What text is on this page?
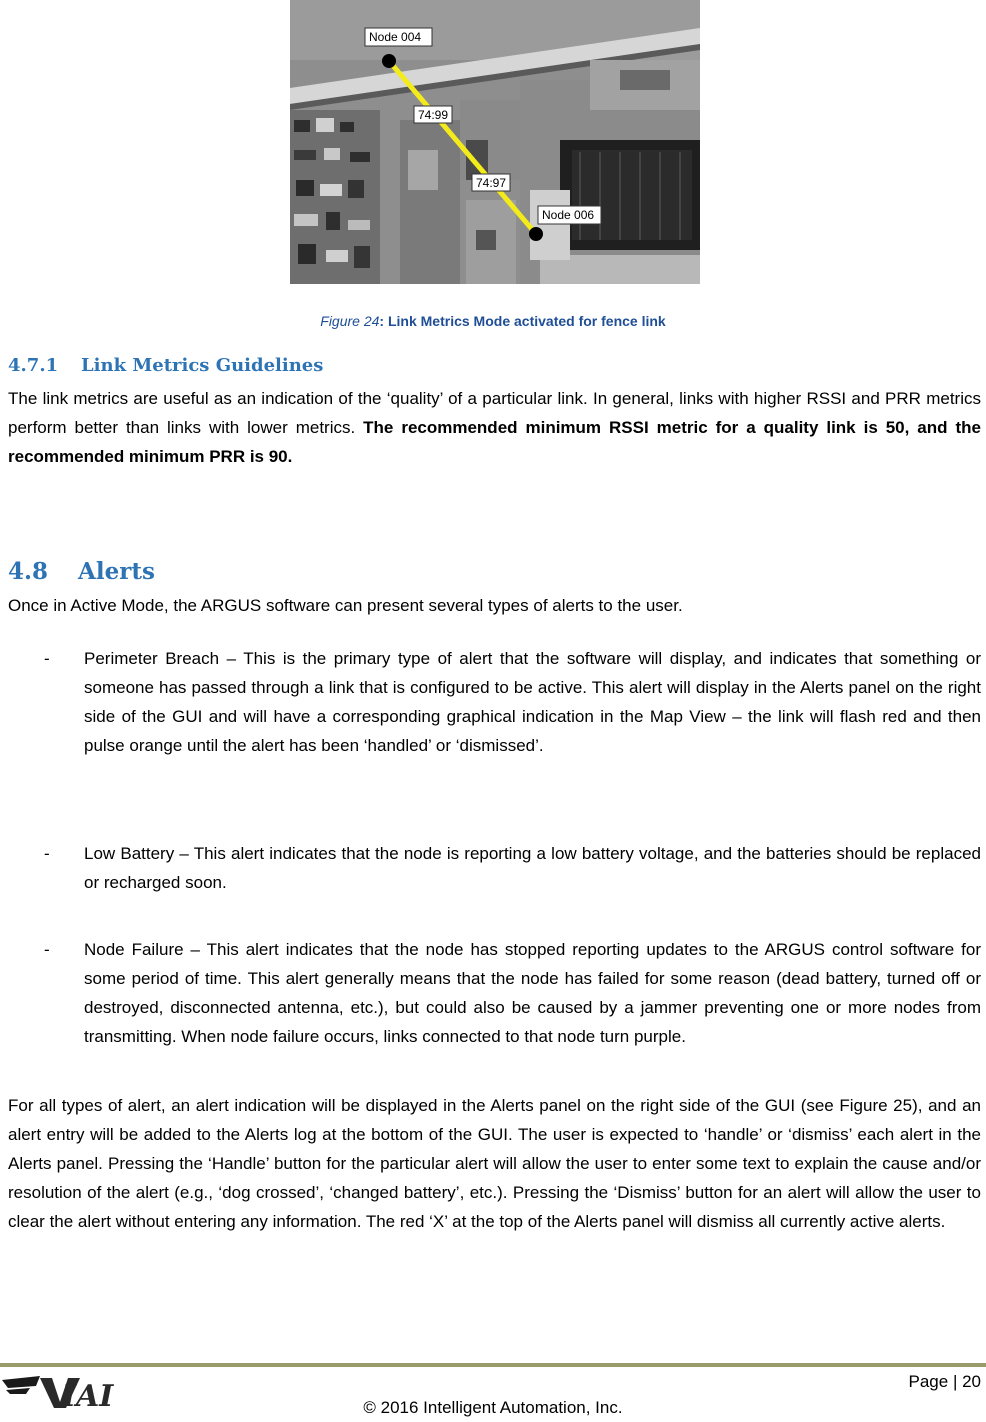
Node 004
74:99
74:97
Node 006
Figure 24: Link Metrics Mode activated for fence link
4.7.1 Link Metrics Guidelines

The link metrics are useful as an indication of the ‘quality’ of a particular link. In general, links with higher RSSI and PRR metrics perform better than links with lower metrics. The recommended minimum RSSI metric for a quality link is 50, and the recommended minimum PRR is 90.

4.8 Alerts

Once in Active Mode, the ARGUS software can present several types of alerts to the user.

- Perimeter Breach – This is the primary type of alert that the software will display, and indicates that something or someone has passed through a link that is configured to be active. This alert will display in the Alerts panel on the right side of the GUI and will have a corresponding graphical indication in the Map View – the link will flash red and then pulse orange until the alert has been ‘handled’ or ‘dismissed’.

- Low Battery – This alert indicates that the node is reporting a low battery voltage, and the batteries should be replaced or recharged soon.

- Node Failure – This alert indicates that the node has stopped reporting updates to the ARGUS control software for some period of time. This alert generally means that the node has failed for some reason (dead battery, turned off or destroyed, disconnected antenna, etc.), but could also be caused by a jammer preventing one or more nodes from transmitting. When node failure occurs, links connected to that node turn purple.

For all types of alert, an alert indication will be displayed in the Alerts panel on the right side of the GUI (see Figure 25), and an alert entry will be added to the Alerts log at the bottom of the GUI. The user is expected to ‘handle’ or ‘dismiss’ each alert in the Alerts panel. Pressing the ‘Handle’ button for the particular alert will allow the user to enter some text to explain the cause and/or resolution of the alert (e.g., ‘dog crossed’, ‘changed battery’, etc.). Pressing the ‘Dismiss’ button for an alert will allow the user to clear the alert without entering any information. The red ‘X’ at the top of the Alerts panel will dismiss all currently active alerts.

IAI	Page | 20
© 2016 Intelligent Automation, Inc.
